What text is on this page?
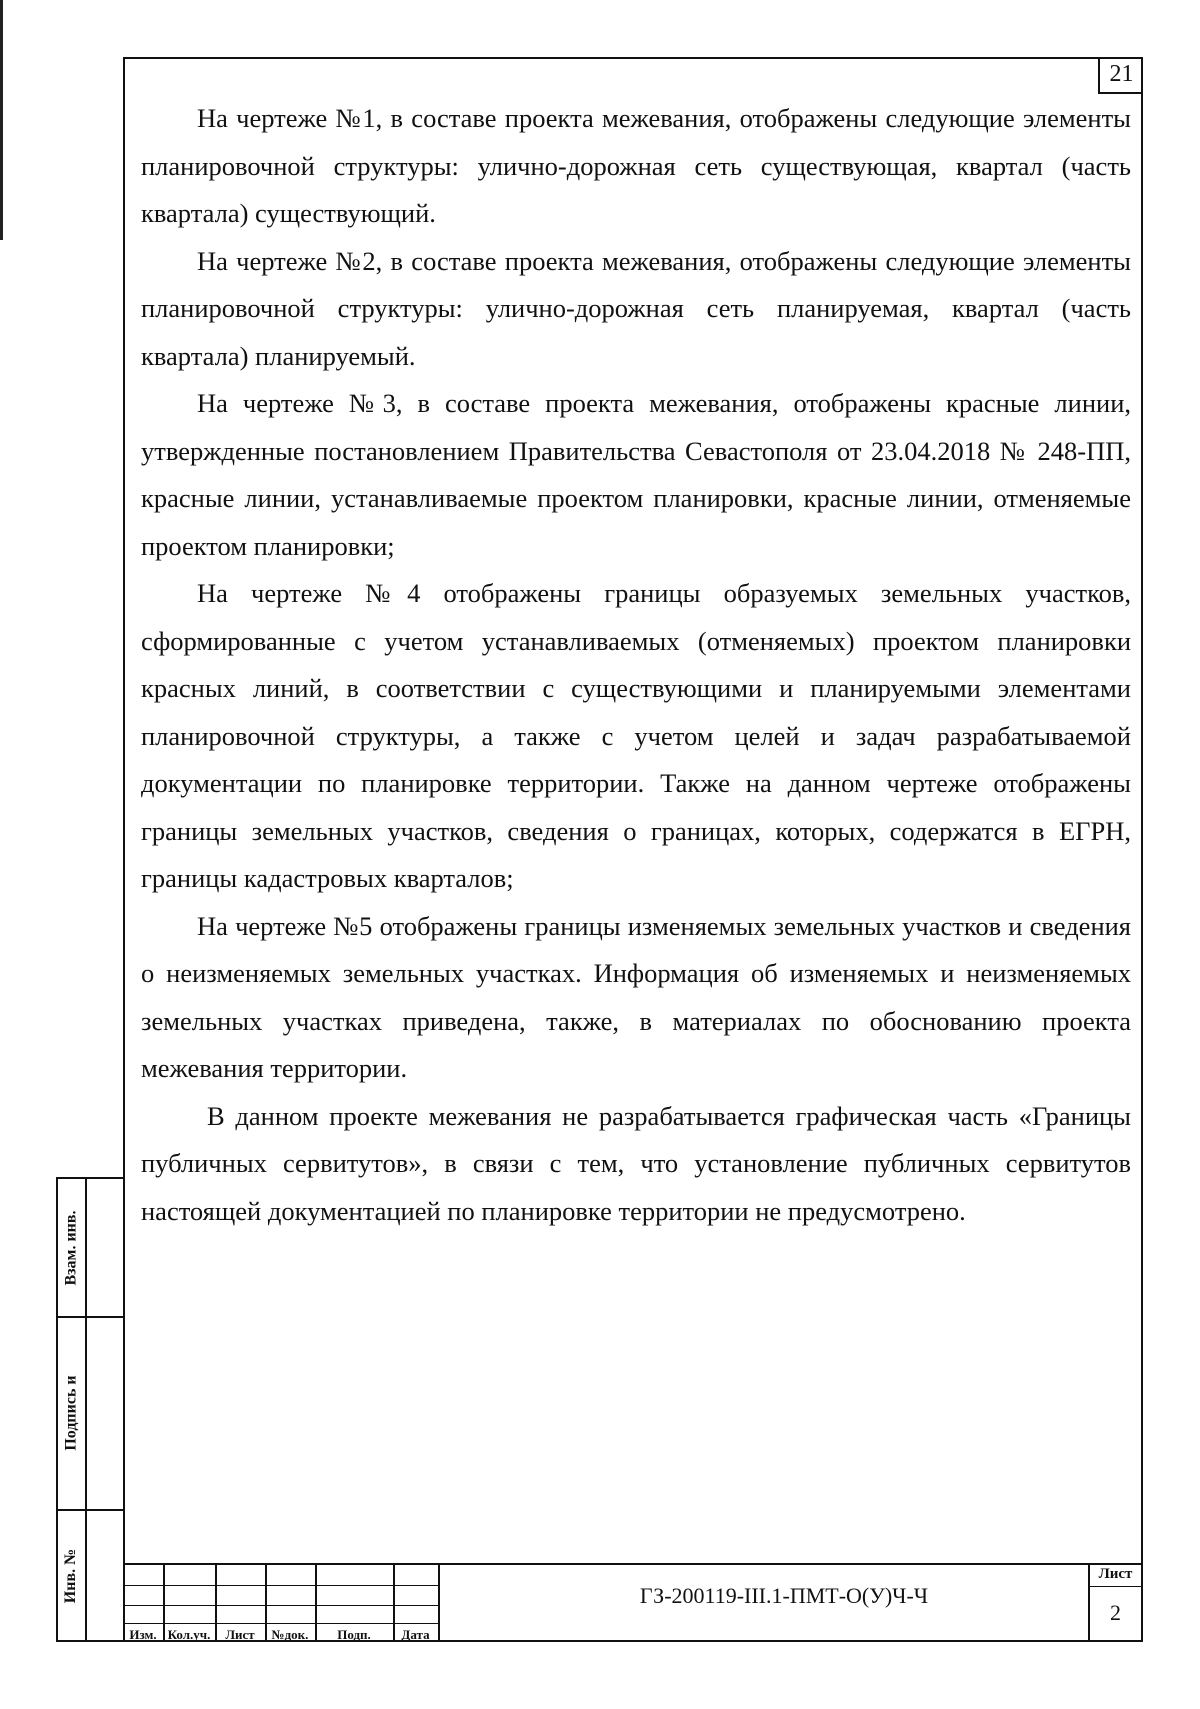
21

На чертеже №1, в составе проекта межевания, отображены следующие элементы планировочной структуры: улично-дорожная сеть существующая, квартал (часть квартала) существующий.

На чертеже №2, в составе проекта межевания, отображены следующие элементы планировочной структуры: улично-дорожная сеть планируемая, квартал (часть квартала) планируемый.

На чертеже №3, в составе проекта межевания, отображены красные линии, утвержденные постановлением Правительства Севастополя от 23.04.2018 № 248-ПП, красные линии, устанавливаемые проектом планировки, красные линии, отменяемые проектом планировки;

На чертеже №4 отображены границы образуемых земельных участков, сформированные с учетом устанавливаемых (отменяемых) проектом планировки красных линий, в соответствии с существующими и планируемыми элементами планировочной структуры, а также с учетом целей и задач разрабатываемой документации по планировке территории. Также на данном чертеже отображены границы земельных участков, сведения о границах, которых, содержатся в ЕГРН, границы кадастровых кварталов;

На чертеже №5 отображены границы изменяемых земельных участков и сведения о неизменяемых земельных участках. Информация об изменяемых и неизменяемых земельных участках приведена, также, в материалах по обоснованию проекта межевания территории.

В данном проекте межевания не разрабатывается графическая часть «Границы публичных сервитутов», в связи с тем, что установление публичных сервитутов настоящей документацией по планировке территории не предусмотрено.

Взам. инв.
Подпись и
Инв. №
Изм. Кол.уч.	Лист	№док.	Подп.	Дата
ГЗ-200119-III.1-ПМТ-О(У)Ч-Ч
Лист
2
